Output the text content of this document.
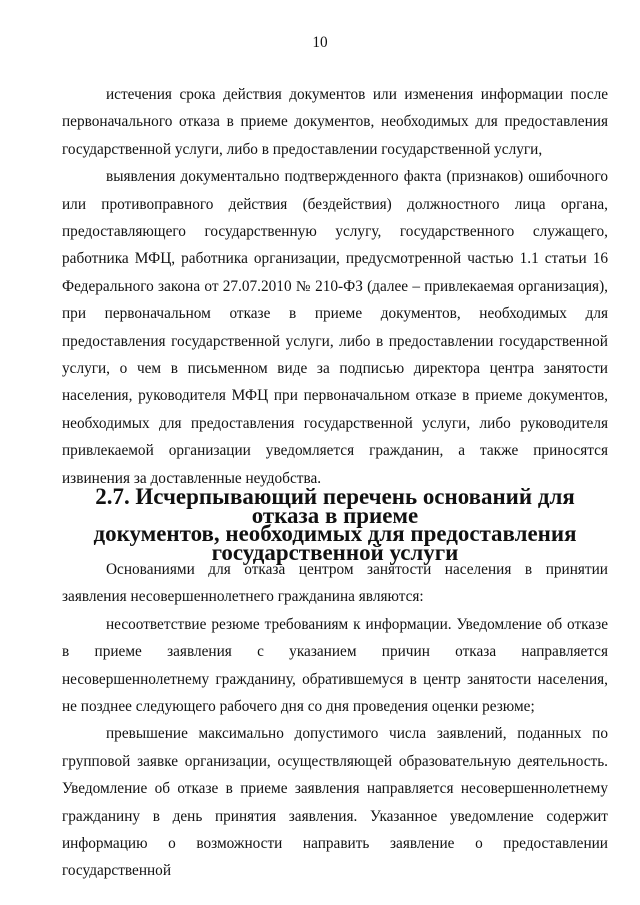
10

истечения срока действия документов или изменения информации после первоначального отказа в приеме документов, необходимых для предоставления государственной услуги, либо в предоставлении государственной услуги,

выявления документально подтвержденного факта (признаков) ошибочного или противоправного действия (бездействия) должностного лица органа, предоставляющего государственную услугу, государственного служащего, работника МФЦ, работника организации, предусмотренной частью 1.1 статьи 16 Федерального закона от 27.07.2010 № 210-ФЗ (далее – привлекаемая организация), при первоначальном отказе в приеме документов, необходимых для предоставления государственной услуги, либо в предоставлении государственной услуги, о чем в письменном виде за подписью директора центра занятости населения, руководителя МФЦ при первоначальном отказе в приеме документов, необходимых для предоставления государственной услуги, либо руководителя привлекаемой организации уведомляется гражданин, а также приносятся извинения за доставленные неудобства.

2.7. Исчерпывающий перечень оснований для отказа в приеме
документов, необходимых для предоставления
государственной услуги

Основаниями для отказа центром занятости населения в принятии заявления несовершеннолетнего гражданина являются:

несоответствие резюме требованиям к информации. Уведомление об отказе в приеме заявления с указанием причин отказа направляется несовершеннолетнему гражданину, обратившемуся в центр занятости населения, не позднее следующего рабочего дня со дня проведения оценки резюме;

превышение максимально допустимого числа заявлений, поданных по групповой заявке организации, осуществляющей образовательную деятельность. Уведомление об отказе в приеме заявления направляется несовершеннолетнему гражданину в день принятия заявления. Указанное уведомление содержит информацию о возможности направить заявление о предоставлении государственной
